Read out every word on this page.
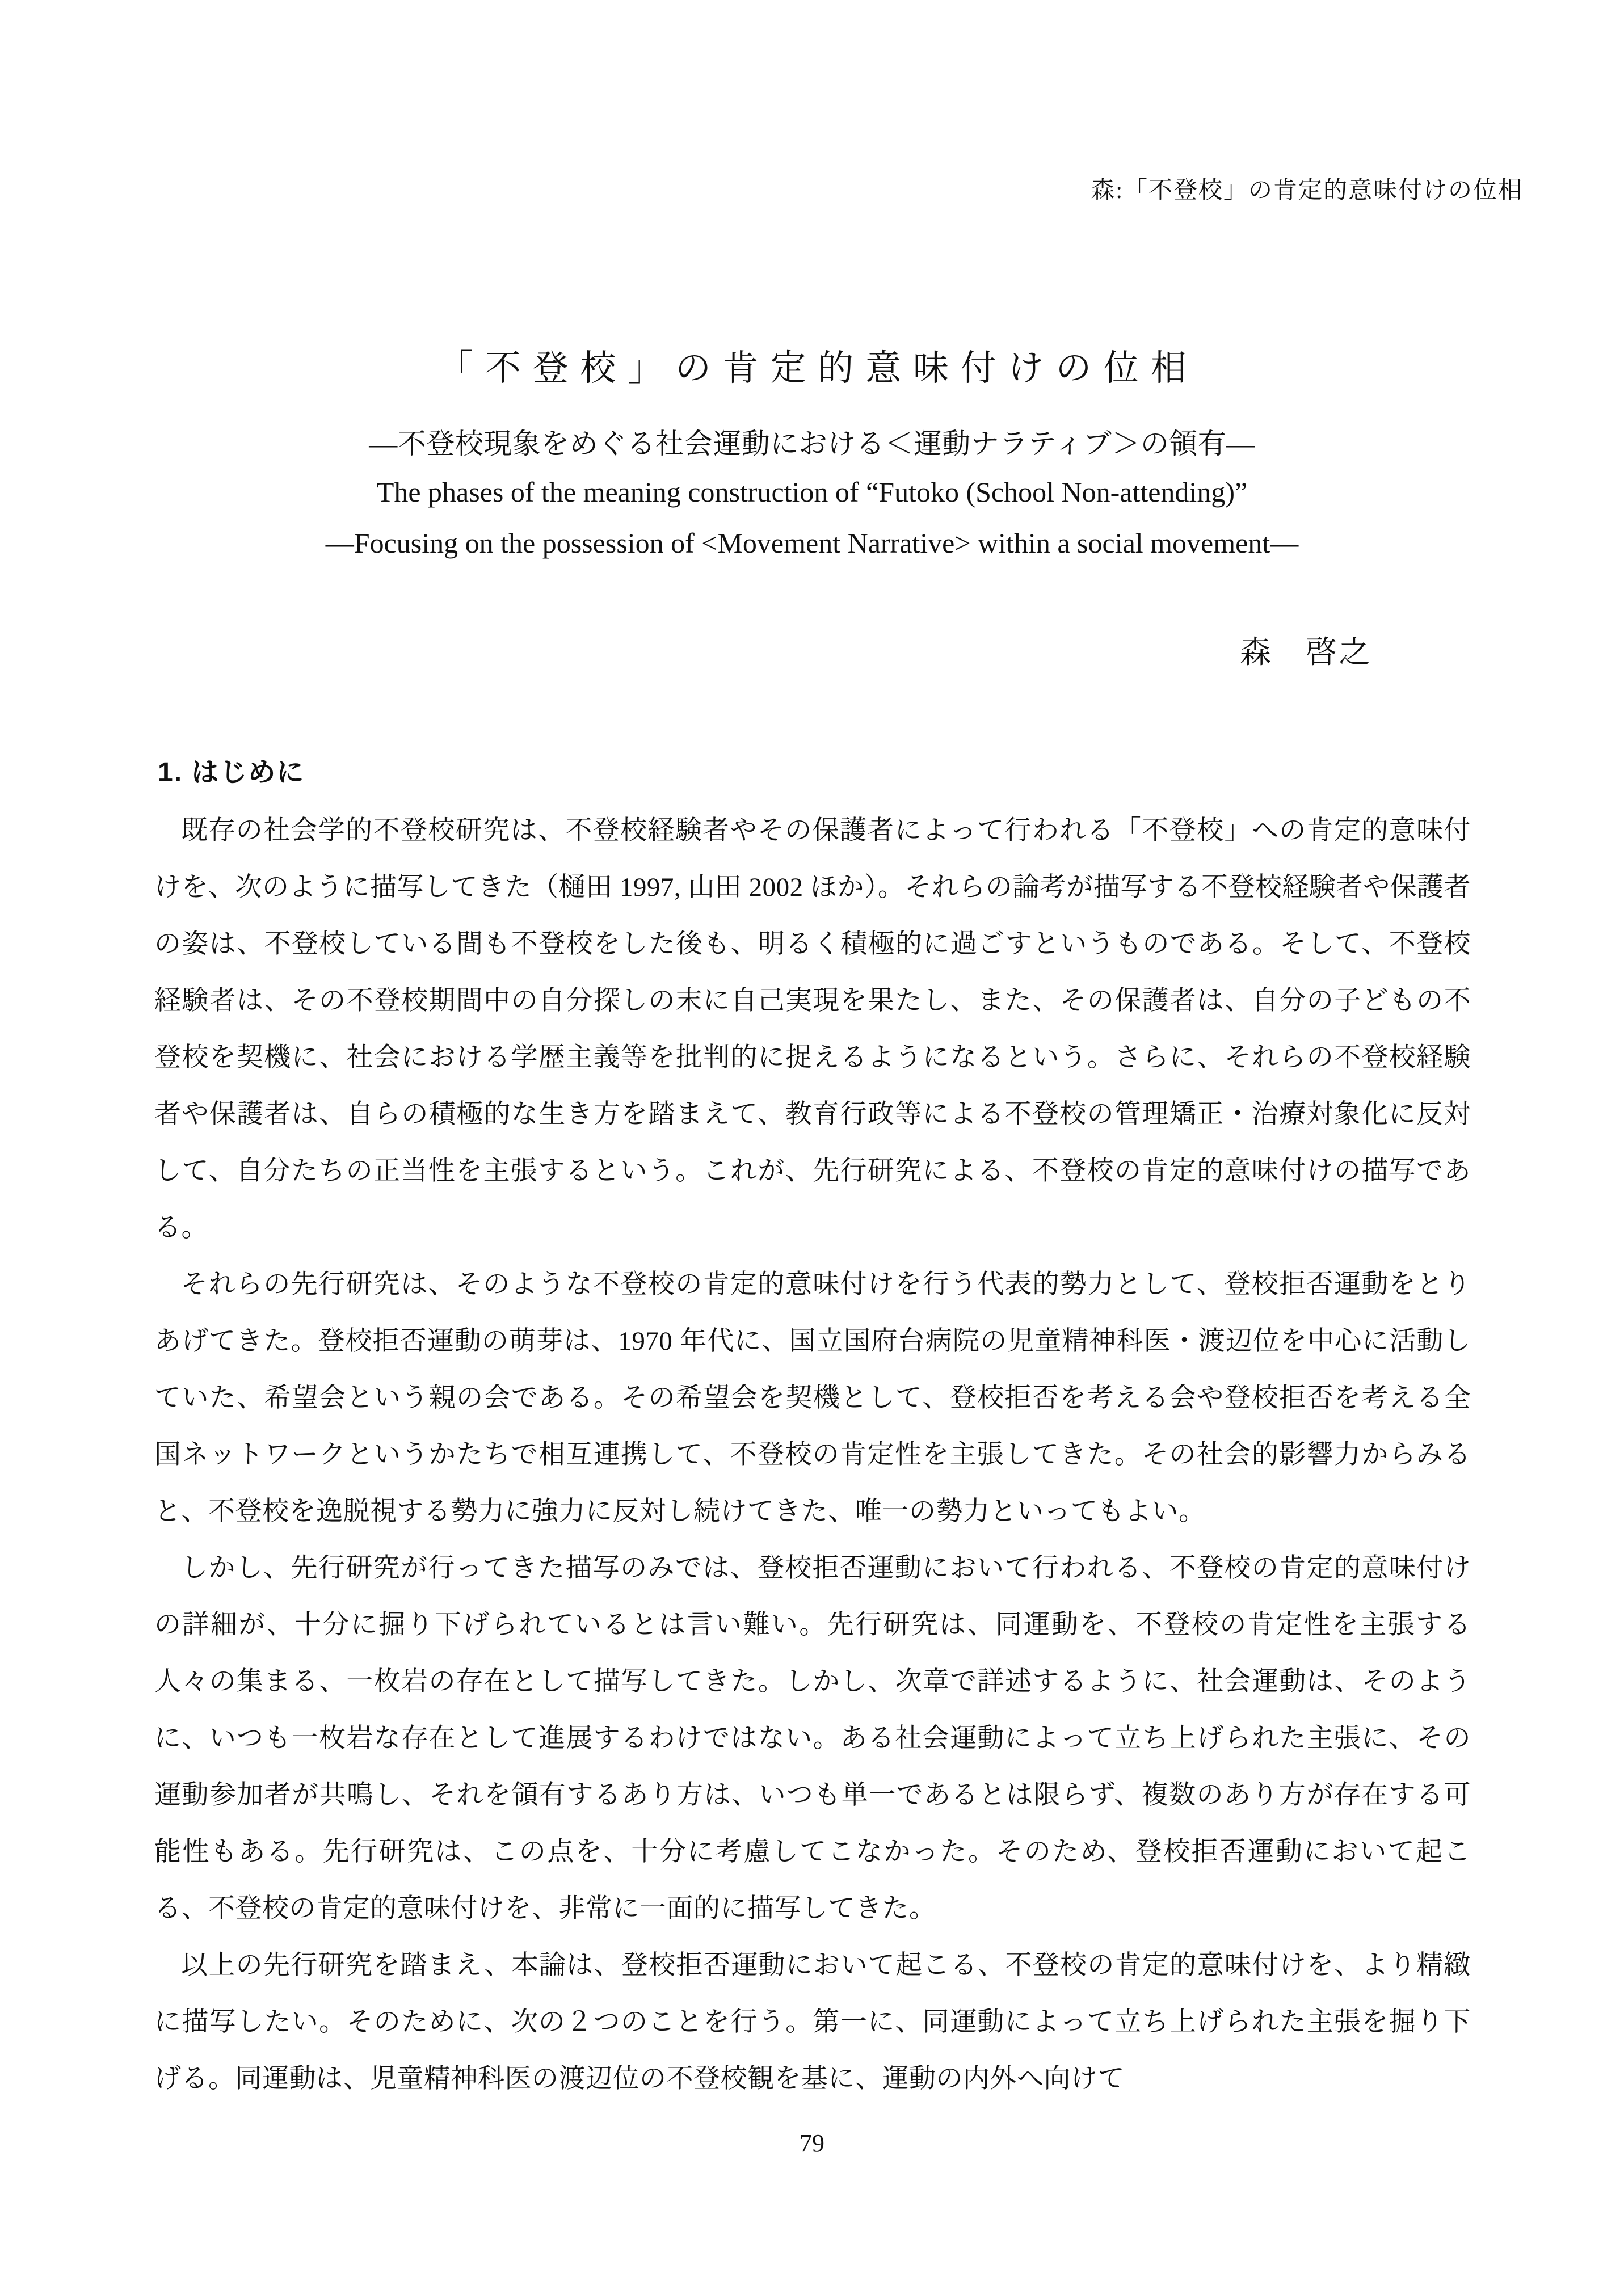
森:「不登校」の肯定的意味付けの位相
「不登校」の肯定的意味付けの位相
―不登校現象をめぐる社会運動における＜運動ナラティブ＞の領有―
The phases of the meaning construction of “Futoko (School Non-attending)”
―Focusing on the possession of <Movement Narrative> within a social movement―
森　啓之
1. はじめに

既存の社会学的不登校研究は、不登校経験者やその保護者によって行われる「不登校」への肯定的意味付けを、次のように描写してきた（樋田 1997, 山田 2002 ほか）。それらの論考が描写する不登校経験者や保護者の姿は、不登校している間も不登校をした後も、明るく積極的に過ごすというものである。そして、不登校経験者は、その不登校期間中の自分探しの末に自己実現を果たし、また、その保護者は、自分の子どもの不登校を契機に、社会における学歴主義等を批判的に捉えるようになるという。さらに、それらの不登校経験者や保護者は、自らの積極的な生き方を踏まえて、教育行政等による不登校の管理矯正・治療対象化に反対して、自分たちの正当性を主張するという。これが、先行研究による、不登校の肯定的意味付けの描写である。

それらの先行研究は、そのような不登校の肯定的意味付けを行う代表的勢力として、登校拒否運動をとりあげてきた。登校拒否運動の萌芽は、1970 年代に、国立国府台病院の児童精神科医・渡辺位を中心に活動していた、希望会という親の会である。その希望会を契機として、登校拒否を考える会や登校拒否を考える全国ネットワークというかたちで相互連携して、不登校の肯定性を主張してきた。その社会的影響力からみると、不登校を逸脱視する勢力に強力に反対し続けてきた、唯一の勢力といってもよい。

しかし、先行研究が行ってきた描写のみでは、登校拒否運動において行われる、不登校の肯定的意味付けの詳細が、十分に掘り下げられているとは言い難い。先行研究は、同運動を、不登校の肯定性を主張する人々の集まる、一枚岩の存在として描写してきた。しかし、次章で詳述するように、社会運動は、そのように、いつも一枚岩な存在として進展するわけではない。ある社会運動によって立ち上げられた主張に、その運動参加者が共鳴し、それを領有するあり方は、いつも単一であるとは限らず、複数のあり方が存在する可能性もある。先行研究は、この点を、十分に考慮してこなかった。そのため、登校拒否運動において起こる、不登校の肯定的意味付けを、非常に一面的に描写してきた。

以上の先行研究を踏まえ、本論は、登校拒否運動において起こる、不登校の肯定的意味付けを、より精緻に描写したい。そのために、次の２つのことを行う。第一に、同運動によって立ち上げられた主張を掘り下げる。同運動は、児童精神科医の渡辺位の不登校観を基に、運動の内外へ向けて

79
